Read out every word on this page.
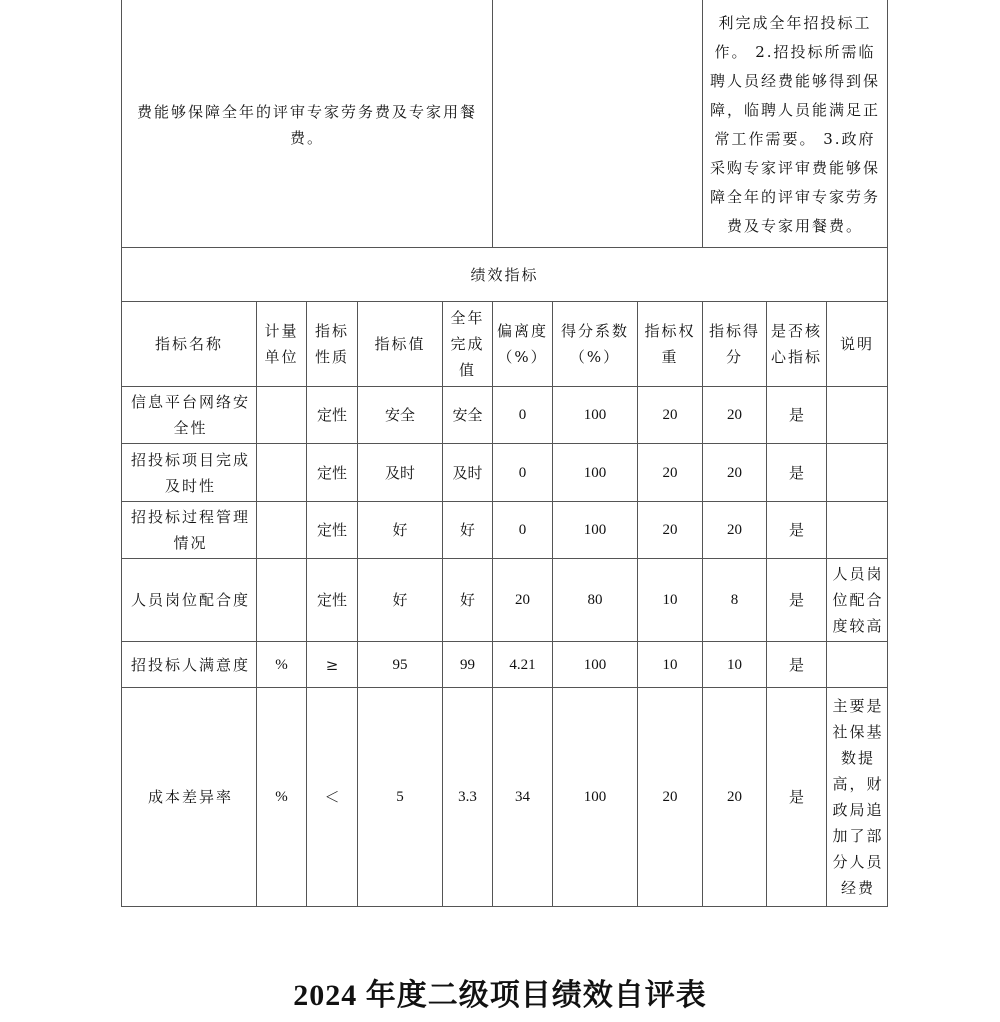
费能够保障全年的评审专家劳务费及专家用餐费。								利完成全年招投标工作。 2.招投标所需临聘人员经费能够得到保障，临聘人员能满足正常工作需要。 3.政府采购专家评审费能够保障全年的评审专家劳务费及专家用餐费。		
绩效指标										
指标名称	计量单位	指标性质	指标值	全年完成值	偏离度（%）	得分系数（%）	指标权重	指标得分	是否核心指标	说明
信息平台网络安全性		定性	安全	安全	0	100	20	20	是	
招投标项目完成及时性		定性	及时	及时	0	100	20	20	是	
招投标过程管理情况		定性	好	好	0	100	20	20	是	
人员岗位配合度		定性	好	好	20	80	10	8	是	人员岗位配合度较高
招投标人满意度	%	≥	95	99	4.21	100	10	10	是	
成本差异率	%	＜	5	3.3	34	100	20	20	是	主要是社保基数提高，财政局追加了部分人员经费
2024 年度二级项目绩效自评表
